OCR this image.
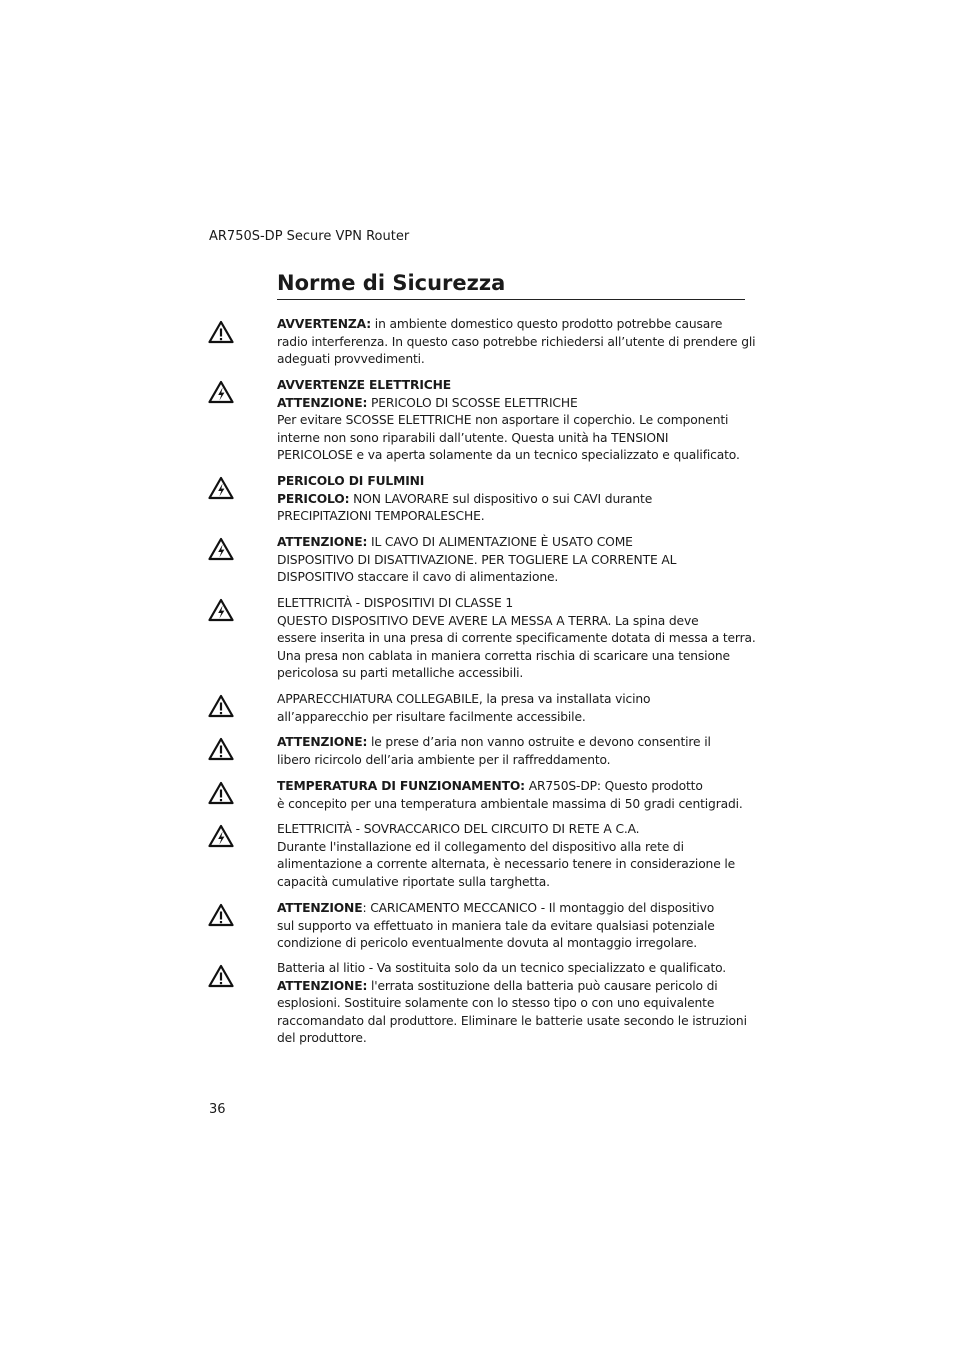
AR750S-DP Secure VPN Router
Norme di Sicurezza
AVVERTENZA: in ambiente domestico questo prodotto potrebbe causare
radio interferenza. In questo caso potrebbe richiedersi all’utente di prendere gli
adeguati provvedimenti.
AVVERTENZE ELETTRICHE
ATTENZIONE: PERICOLO DI SCOSSE ELETTRICHE
Per evitare SCOSSE ELETTRICHE non asportare il coperchio. Le componenti
interne non sono riparabili dall’utente. Questa unità ha TENSIONI
PERICOLOSE e va aperta solamente da un tecnico specializzato e qualificato.
PERICOLO DI FULMINI
PERICOLO: NON LAVORARE sul dispositivo o sui CAVI durante
PRECIPITAZIONI TEMPORALESCHE.
ATTENZIONE: IL CAVO DI ALIMENTAZIONE È USATO COME
DISPOSITIVO DI DISATTIVAZIONE. PER TOGLIERE LA CORRENTE AL
DISPOSITIVO staccare il cavo di alimentazione.
ELETTRICITÀ - DISPOSITIVI DI CLASSE 1
QUESTO DISPOSITIVO DEVE AVERE LA MESSA A TERRA. La spina deve
essere inserita in una presa di corrente specificamente dotata di messa a terra.
Una presa non cablata in maniera corretta rischia di scaricare una tensione
pericolosa su parti metalliche accessibili.
APPARECCHIATURA COLLEGABILE, la presa va installata vicino
all’apparecchio per risultare facilmente accessibile.
ATTENZIONE: le prese d’aria non vanno ostruite e devono consentire il
libero ricircolo dell’aria ambiente per il raffreddamento.
TEMPERATURA DI FUNZIONAMENTO: AR750S-DP: Questo prodotto
è concepito per una temperatura ambientale massima di 50 gradi centigradi.
ELETTRICITÀ - SOVRACCARICO DEL CIRCUITO DI RETE A C.A.
Durante l'installazione ed il collegamento del dispositivo alla rete di
alimentazione a corrente alternata, è necessario tenere in considerazione le
capacità cumulative riportate sulla targhetta.
ATTENZIONE: CARICAMENTO MECCANICO - Il montaggio del dispositivo
sul supporto va effettuato in maniera tale da evitare qualsiasi potenziale
condizione di pericolo eventualmente dovuta al montaggio irregolare.
Batteria al litio - Va sostituita solo da un tecnico specializzato e qualificato.
ATTENZIONE: l'errata sostituzione della batteria può causare pericolo di
esplosioni. Sostituire solamente con lo stesso tipo o con uno equivalente
raccomandato dal produttore. Eliminare le batterie usate secondo le istruzioni
del produttore.
36
